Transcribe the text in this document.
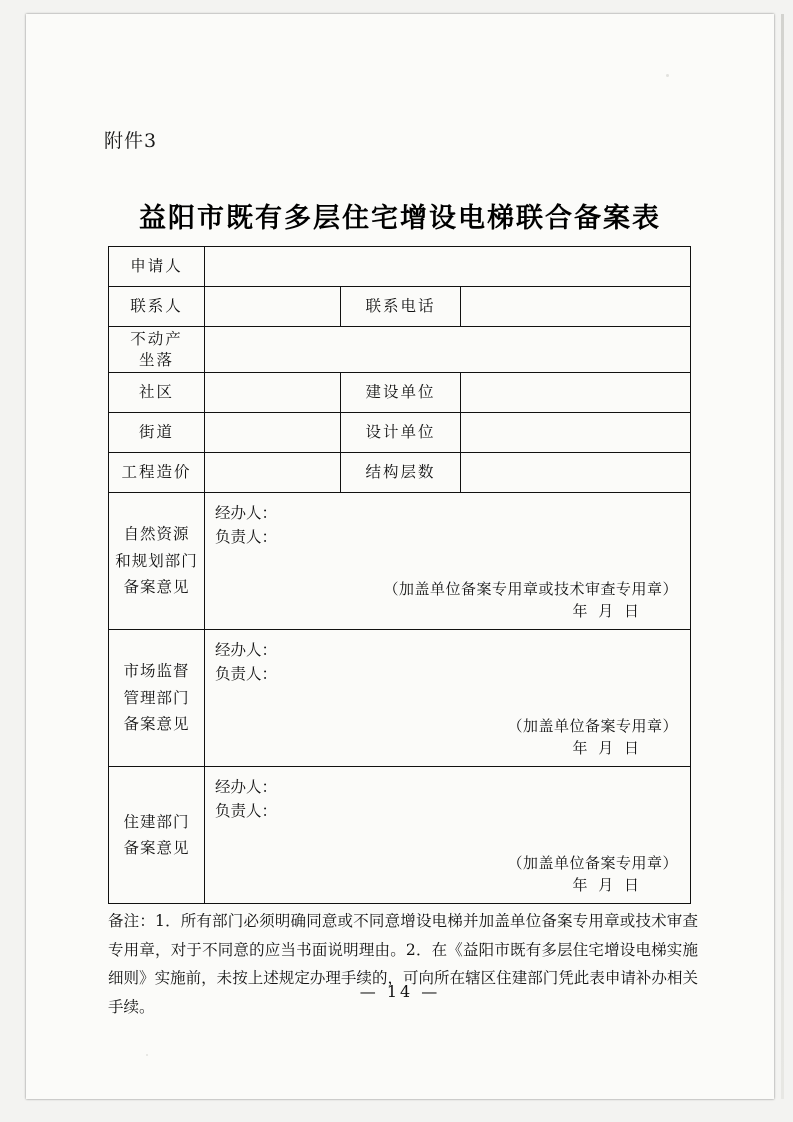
附件3
益阳市既有多层住宅增设电梯联合备案表
申请人			
联系人		联系电话	
不动产
坐落			
社区		建设单位	
街道		设计单位	
工程造价		结构层数	
自然资源
和规划部门
备案意见	
经办人：
负责人：
（加盖单位备案专用章或技术审查专用章）
年 月 日

市场监督
管理部门
备案意见	
经办人：
负责人：
（加盖单位备案专用章）
年 月 日

住建部门
备案意见	
经办人：
负责人：
（加盖单位备案专用章）
年 月 日
备注：1．所有部门必须明确同意或不同意增设电梯并加盖单位备案专用章或技术审查专用章，对于不同意的应当书面说明理由。2．在《益阳市既有多层住宅增设电梯实施细则》实施前，未按上述规定办理手续的，可向所在辖区住建部门凭此表申请补办相关手续。
— 14 —
